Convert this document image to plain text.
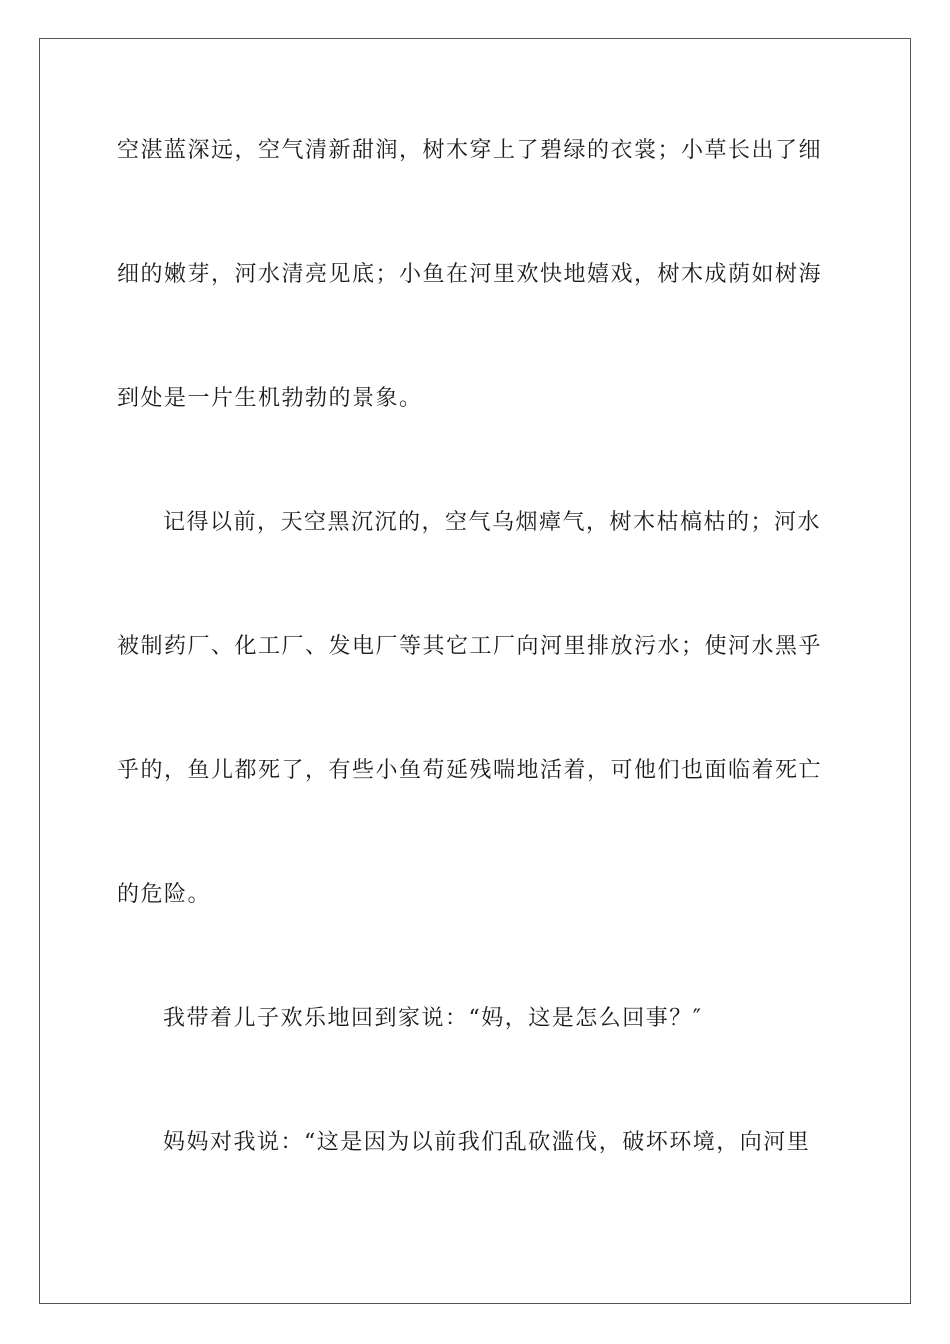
空湛蓝深远，空气清新甜润，树木穿上了碧绿的衣裳；小草长出了细
细的嫩芽，河水清亮见底；小鱼在河里欢快地嬉戏，树木成荫如树海
到处是一片生机勃勃的景象。
记得以前，天空黑沉沉的，空气乌烟瘴气，树木枯槁枯的；河水
被制药厂、化工厂、发电厂等其它工厂向河里排放污水；使河水黑乎
乎的，鱼儿都死了，有些小鱼苟延残喘地活着，可他们也面临着死亡
的危险。
我带着儿子欢乐地回到家说：“妈，这是怎么回事？″
妈妈对我说：“这是因为以前我们乱砍滥伐，破坏环境，向河里
